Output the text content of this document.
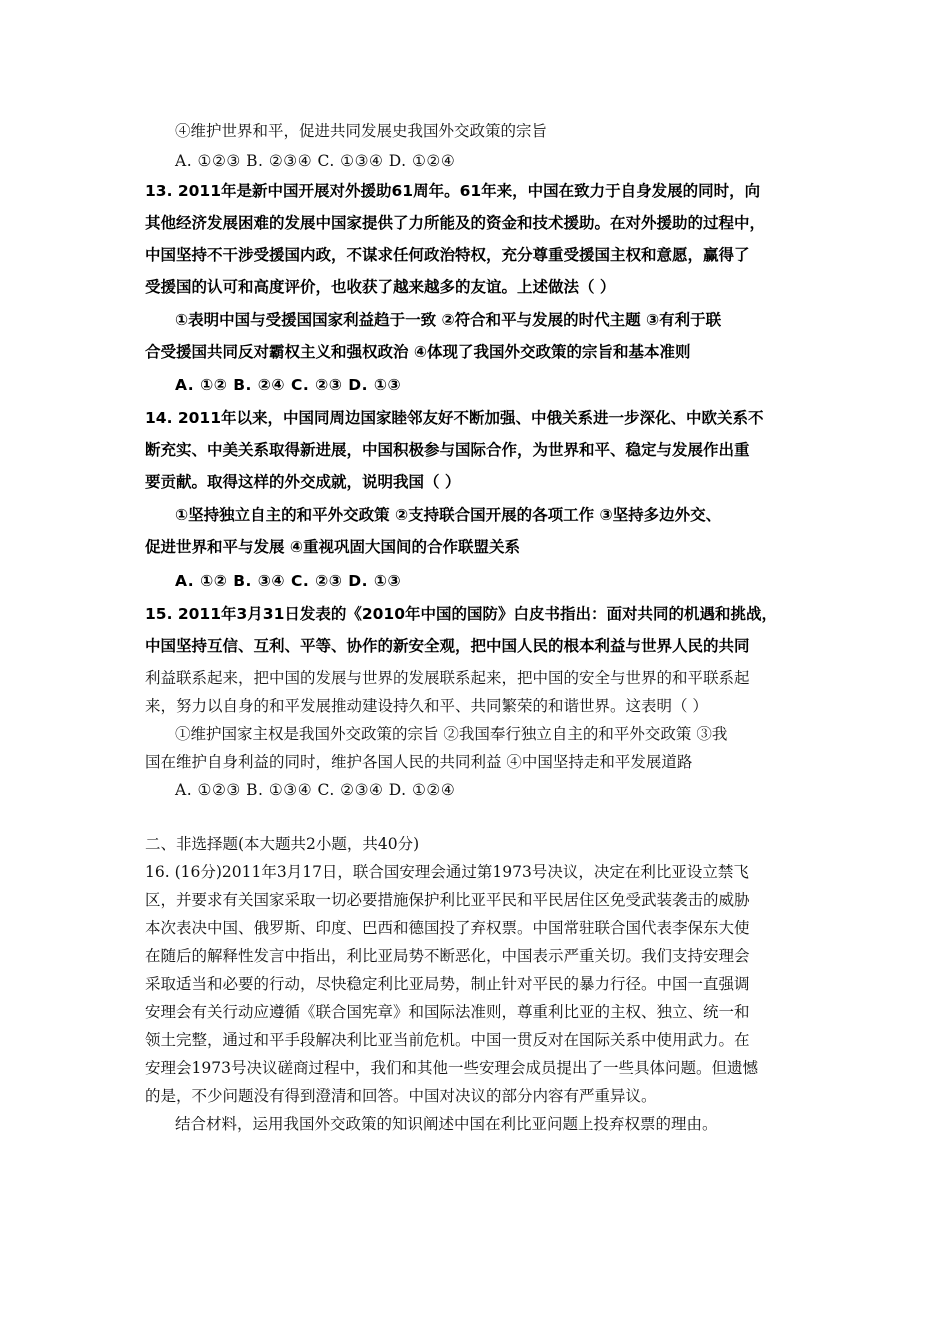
④维护世界和平，促进共同发展史我国外交政策的宗旨
A. ①②③ B. ②③④ C. ①③④ D. ①②④
13. 2011年是新中国开展对外援助61周年。61年来，中国在致力于自身发展的同时，向
其他经济发展困难的发展中国家提供了力所能及的资金和技术援助。在对外援助的过程中，
中国坚持不干涉受援国内政，不谋求任何政治特权，充分尊重受援国主权和意愿，赢得了
受援国的认可和高度评价，也收获了越来越多的友谊。上述做法（ ）
①表明中国与受援国国家利益趋于一致 ②符合和平与发展的时代主题 ③有利于联
合受援国共同反对霸权主义和强权政治 ④体现了我国外交政策的宗旨和基本准则
A. ①② B. ②④ C. ②③ D. ①③
14. 2011年以来，中国同周边国家睦邻友好不断加强、中俄关系进一步深化、中欧关系不
断充实、中美关系取得新进展，中国积极参与国际合作，为世界和平、稳定与发展作出重
要贡献。取得这样的外交成就，说明我国（ ）
①坚持独立自主的和平外交政策 ②支持联合国开展的各项工作 ③坚持多边外交、
促进世界和平与发展 ④重视巩固大国间的合作联盟关系
A. ①② B. ③④ C. ②③ D. ①③
15. 2011年3月31日发表的《2010年中国的国防》白皮书指出：面对共同的机遇和挑战，
中国坚持互信、互利、平等、协作的新安全观，把中国人民的根本利益与世界人民的共同
利益联系起来，把中国的发展与世界的发展联系起来，把中国的安全与世界的和平联系起
来，努力以自身的和平发展推动建设持久和平、共同繁荣的和谐世界。这表明（ ）
①维护国家主权是我国外交政策的宗旨 ②我国奉行独立自主的和平外交政策 ③我
国在维护自身利益的同时，维护各国人民的共同利益 ④中国坚持走和平发展道路
A. ①②③ B. ①③④ C. ②③④ D. ①②④
二、非选择题(本大题共2小题，共40分)
16. (16分)2011年3月17日，联合国安理会通过第1973号决议，决定在利比亚设立禁飞
区，并要求有关国家采取一切必要措施保护利比亚平民和平民居住区免受武装袭击的威胁
本次表决中国、俄罗斯、印度、巴西和德国投了弃权票。中国常驻联合国代表李保东大使
在随后的解释性发言中指出，利比亚局势不断恶化，中国表示严重关切。我们支持安理会
采取适当和必要的行动，尽快稳定利比亚局势，制止针对平民的暴力行径。中国一直强调
安理会有关行动应遵循《联合国宪章》和国际法准则，尊重利比亚的主权、独立、统一和
领土完整，通过和平手段解决利比亚当前危机。中国一贯反对在国际关系中使用武力。在
安理会1973号决议磋商过程中，我们和其他一些安理会成员提出了一些具体问题。但遗憾
的是，不少问题没有得到澄清和回答。中国对决议的部分内容有严重异议。
结合材料，运用我国外交政策的知识阐述中国在利比亚问题上投弃权票的理由。
